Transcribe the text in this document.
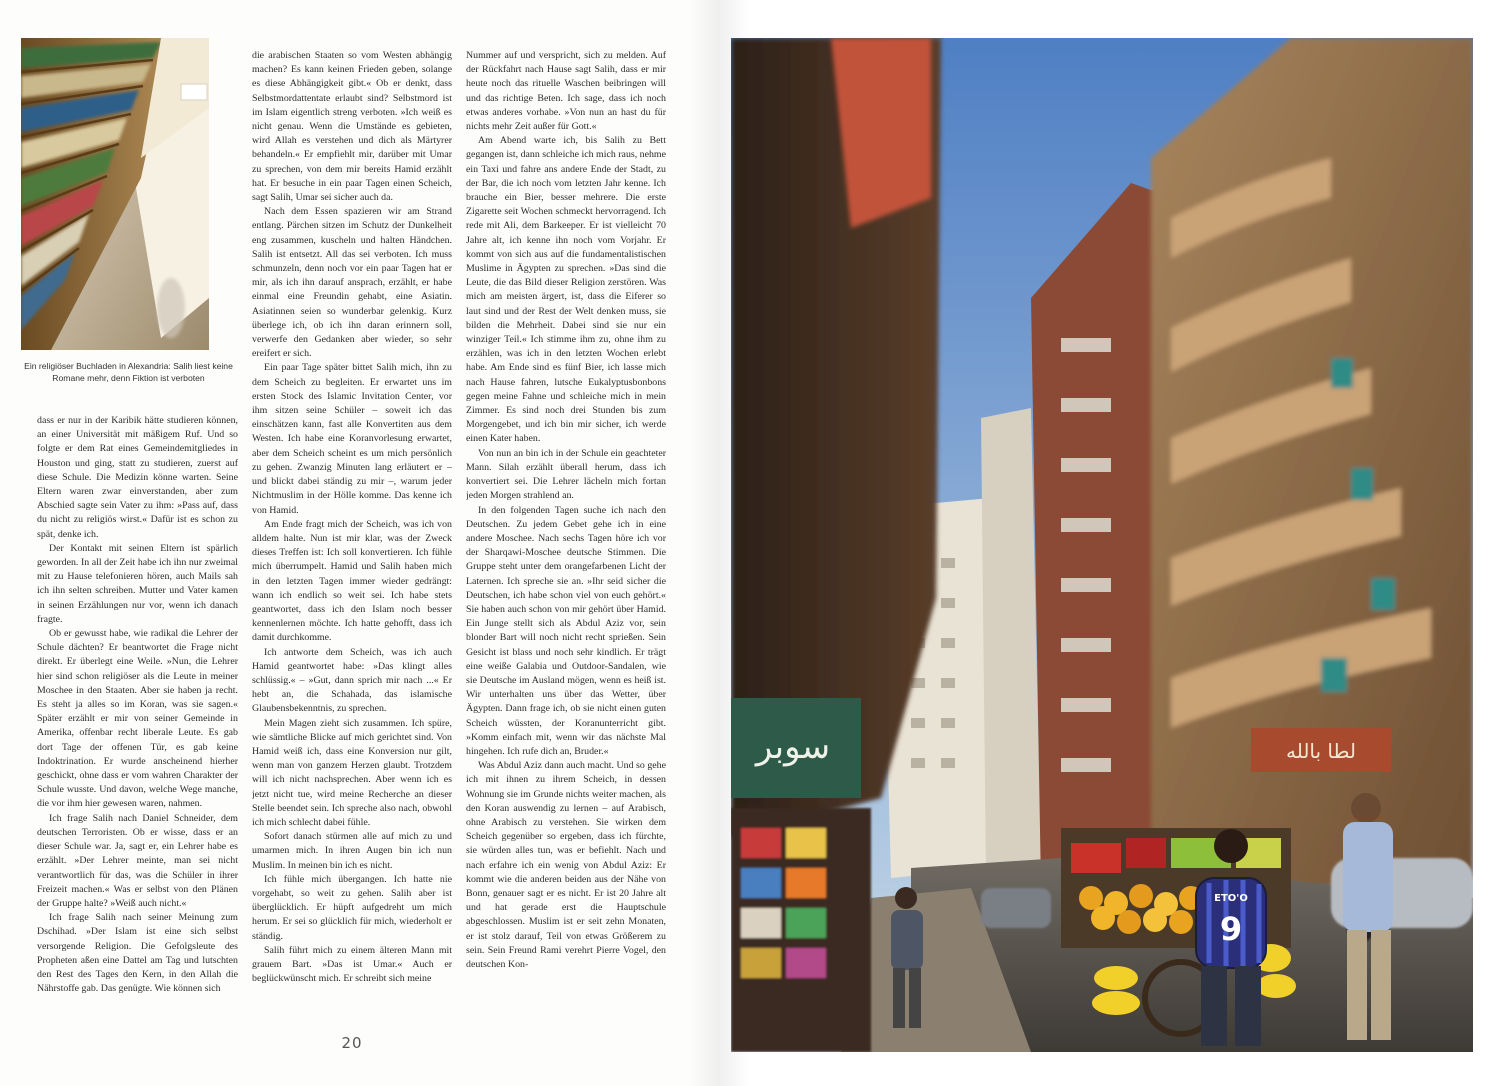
Ein religiöser Buchladen in Alexandria: Salih liest keine Romane mehr, denn Fiktion ist verboten

dass er nur in der Karibik hätte studieren können, an einer Universität mit mäßigem Ruf. Und so folgte er dem Rat eines Gemeindemitgliedes in Houston und ging, statt zu studieren, zuerst auf diese Schule. Die Medizin könne warten. Seine Eltern waren zwar einverstanden, aber zum Abschied sagte sein Vater zu ihm: »Pass auf, dass du nicht zu religiös wirst.« Dafür ist es schon zu spät, denke ich.

Der Kontakt mit seinen Eltern ist spärlich geworden. In all der Zeit habe ich ihn nur zweimal mit zu Hause telefonieren hören, auch Mails sah ich ihn selten schreiben. Mutter und Vater kamen in seinen Erzählungen nur vor, wenn ich danach fragte.

Ob er gewusst habe, wie radikal die Lehrer der Schule dächten? Er beantwortet die Frage nicht direkt. Er überlegt eine Weile. »Nun, die Lehrer hier sind schon religiöser als die Leute in meiner Moschee in den Staaten. Aber sie haben ja recht. Es steht ja alles so im Koran, was sie sagen.« Später erzählt er mir von seiner Gemeinde in Amerika, offenbar recht liberale Leute. Es gab dort Tage der offenen Tür, es gab keine Indoktrination. Er wurde anscheinend hierher geschickt, ohne dass er vom wahren Charakter der Schule wusste. Und davon, welche Wege manche, die vor ihm hier gewesen waren, nahmen.

Ich frage Salih nach Daniel Schneider, dem deutschen Terroristen. Ob er wisse, dass er an dieser Schule war. Ja, sagt er, ein Lehrer habe es erzählt. »Der Lehrer meinte, man sei nicht verantwortlich für das, was die Schüler in ihrer Freizeit machen.« Was er selbst von den Plänen der Gruppe halte? »Weiß auch nicht.«

Ich frage Salih nach seiner Meinung zum Dschihad. »Der Islam ist eine sich selbst versorgende Religion. Die Gefolgsleute des Propheten aßen eine Dattel am Tag und lutschten den Rest des Tages den Kern, in den Allah die Nährstoffe gab. Das genügte. Wie können sich

die arabischen Staaten so vom Westen abhängig machen? Es kann keinen Frieden geben, solange es diese Abhängigkeit gibt.« Ob er denkt, dass Selbstmordattentate erlaubt sind? Selbstmord ist im Islam eigentlich streng verboten. »Ich weiß es nicht genau. Wenn die Umstände es gebieten, wird Allah es verstehen und dich als Märtyrer behandeln.« Er empfiehlt mir, darüber mit Umar zu sprechen, von dem mir bereits Hamid erzählt hat. Er besuche in ein paar Tagen einen Scheich, sagt Salih, Umar sei sicher auch da.

Nach dem Essen spazieren wir am Strand entlang. Pärchen sitzen im Schutz der Dunkelheit eng zusammen, kuscheln und halten Händchen. Salih ist entsetzt. All das sei verboten. Ich muss schmunzeln, denn noch vor ein paar Tagen hat er mir, als ich ihn darauf ansprach, erzählt, er habe einmal eine Freundin gehabt, eine Asiatin. Asiatinnen seien so wunderbar gelenkig. Kurz überlege ich, ob ich ihn daran erinnern soll, verwerfe den Gedanken aber wieder, so sehr ereifert er sich.

Ein paar Tage später bittet Salih mich, ihn zu dem Scheich zu begleiten. Er erwartet uns im ersten Stock des Islamic Invitation Center, vor ihm sitzen seine Schüler – soweit ich das einschätzen kann, fast alle Konvertiten aus dem Westen. Ich habe eine Koranvorlesung erwartet, aber dem Scheich scheint es um mich persönlich zu gehen. Zwanzig Minuten lang erläutert er – und blickt dabei ständig zu mir –, warum jeder Nichtmuslim in der Hölle komme. Das kenne ich von Hamid.

Am Ende fragt mich der Scheich, was ich von alldem halte. Nun ist mir klar, was der Zweck dieses Treffen ist: Ich soll konvertieren. Ich fühle mich überrumpelt. Hamid und Salih haben mich in den letzten Tagen immer wieder gedrängt: wann ich endlich so weit sei. Ich habe stets geantwortet, dass ich den Islam noch besser kennenlernen möchte. Ich hatte gehofft, dass ich damit durchkomme.

Ich antworte dem Scheich, was ich auch Hamid geantwortet habe: »Das klingt alles schlüssig.« – »Gut, dann sprich mir nach ...« Er hebt an, die Schahada, das islamische Glaubensbekenntnis, zu sprechen.

Mein Magen zieht sich zusammen. Ich spüre, wie sämtliche Blicke auf mich gerichtet sind. Von Hamid weiß ich, dass eine Konversion nur gilt, wenn man von ganzem Herzen glaubt. Trotzdem will ich nicht nachsprechen. Aber wenn ich es jetzt nicht tue, wird meine Recherche an dieser Stelle beendet sein. Ich spreche also nach, obwohl ich mich schlecht dabei fühle.

Sofort danach stürmen alle auf mich zu und umarmen mich. In ihren Augen bin ich nun Muslim. In meinen bin ich es nicht.

Ich fühle mich übergangen. Ich hatte nie vorgehabt, so weit zu gehen. Salih aber ist überglücklich. Er hüpft aufgedreht um mich herum. Er sei so glücklich für mich, wiederholt er ständig.

Salih führt mich zu einem älteren Mann mit grauem Bart. »Das ist Umar.« Auch er beglückwünscht mich. Er schreibt sich meine

Nummer auf und verspricht, sich zu melden. Auf der Rückfahrt nach Hause sagt Salih, dass er mir heute noch das rituelle Waschen beibringen will und das richtige Beten. Ich sage, dass ich noch etwas anderes vorhabe. »Von nun an hast du für nichts mehr Zeit außer für Gott.«

Am Abend warte ich, bis Salih zu Bett gegangen ist, dann schleiche ich mich raus, nehme ein Taxi und fahre ans andere Ende der Stadt, zu der Bar, die ich noch vom letzten Jahr kenne. Ich brauche ein Bier, besser mehrere. Die erste Zigarette seit Wochen schmeckt hervorragend. Ich rede mit Ali, dem Barkeeper. Er ist vielleicht 70 Jahre alt, ich kenne ihn noch vom Vorjahr. Er kommt von sich aus auf die fundamentalistischen Muslime in Ägypten zu sprechen. »Das sind die Leute, die das Bild dieser Religion zerstören. Was mich am meisten ärgert, ist, dass die Eiferer so laut sind und der Rest der Welt denken muss, sie bilden die Mehrheit. Dabei sind sie nur ein winziger Teil.« Ich stimme ihm zu, ohne ihm zu erzählen, was ich in den letzten Wochen erlebt habe. Am Ende sind es fünf Bier, ich lasse mich nach Hause fahren, lutsche Eukalyptusbonbons gegen meine Fahne und schleiche mich in mein Zimmer. Es sind noch drei Stunden bis zum Morgengebet, und ich bin mir sicher, ich werde einen Kater haben.

Von nun an bin ich in der Schule ein geachteter Mann. Silah erzählt überall herum, dass ich konvertiert sei. Die Lehrer lächeln mich fortan jeden Morgen strahlend an.

In den folgenden Tagen suche ich nach den Deutschen. Zu jedem Gebet gehe ich in eine andere Moschee. Nach sechs Tagen höre ich vor der Sharqawi-Moschee deutsche Stimmen. Die Gruppe steht unter dem orangefarbenen Licht der Laternen. Ich spreche sie an. »Ihr seid sicher die Deutschen, ich habe schon viel von euch gehört.« Sie haben auch schon von mir gehört über Hamid. Ein Junge stellt sich als Abdul Aziz vor, sein blonder Bart will noch nicht recht sprießen. Sein Gesicht ist blass und noch sehr kindlich. Er trägt eine weiße Galabia und Outdoor-Sandalen, wie sie Deutsche im Ausland mögen, wenn es heiß ist. Wir unterhalten uns über das Wetter, über Ägypten. Dann frage ich, ob sie nicht einen guten Scheich wüssten, der Koranunterricht gibt. »Komm einfach mit, wenn wir das nächste Mal hingehen. Ich rufe dich an, Bruder.«

Was Abdul Aziz dann auch macht. Und so gehe ich mit ihnen zu ihrem Scheich, in dessen Wohnung sie im Grunde nichts weiter machen, als den Koran auswendig zu lernen – auf Arabisch, ohne Arabisch zu verstehen. Sie wirken dem Scheich gegenüber so ergeben, dass ich fürchte, sie würden alles tun, was er befiehlt. Nach und nach erfahre ich ein wenig von Abdul Aziz: Er kommt wie die anderen beiden aus der Nähe von Bonn, genauer sagt er es nicht. Er ist 20 Jahre alt und hat gerade erst die Hauptschule abgeschlossen. Muslim ist er seit zehn Monaten, er ist stolz darauf, Teil von etwas Größerem zu sein. Sein Freund Rami verehrt Pierre Vogel, den deutschen Kon-

20
لطا بالله
سوبر
ETO'O
9
